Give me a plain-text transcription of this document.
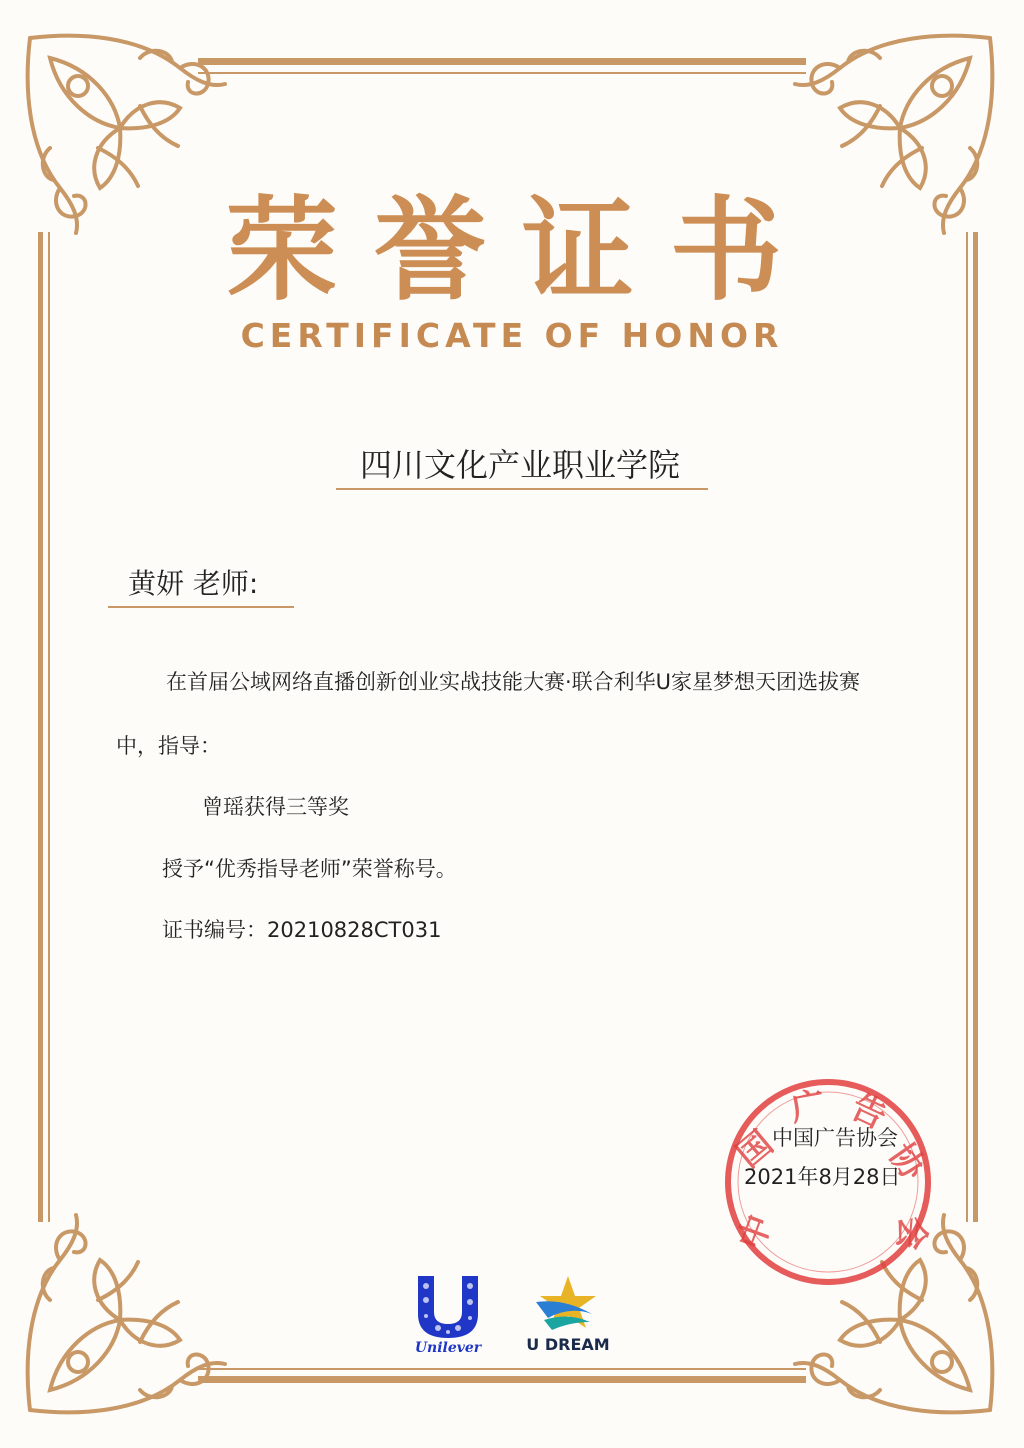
荣誉证书
CERTIFICATE OF HONOR
四川文化产业职业学院
黄妍 老师:
在首届公域网络直播创新创业实战技能大赛·联合利华U家星梦想天团选拔赛
中，指导：
曾瑶获得三等奖
授予“优秀指导老师”荣誉称号。
证书编号：20210828CT031
中
国
广 告
协
会
中国广告协会
2021年8月28日
Unilever	U DREAM
